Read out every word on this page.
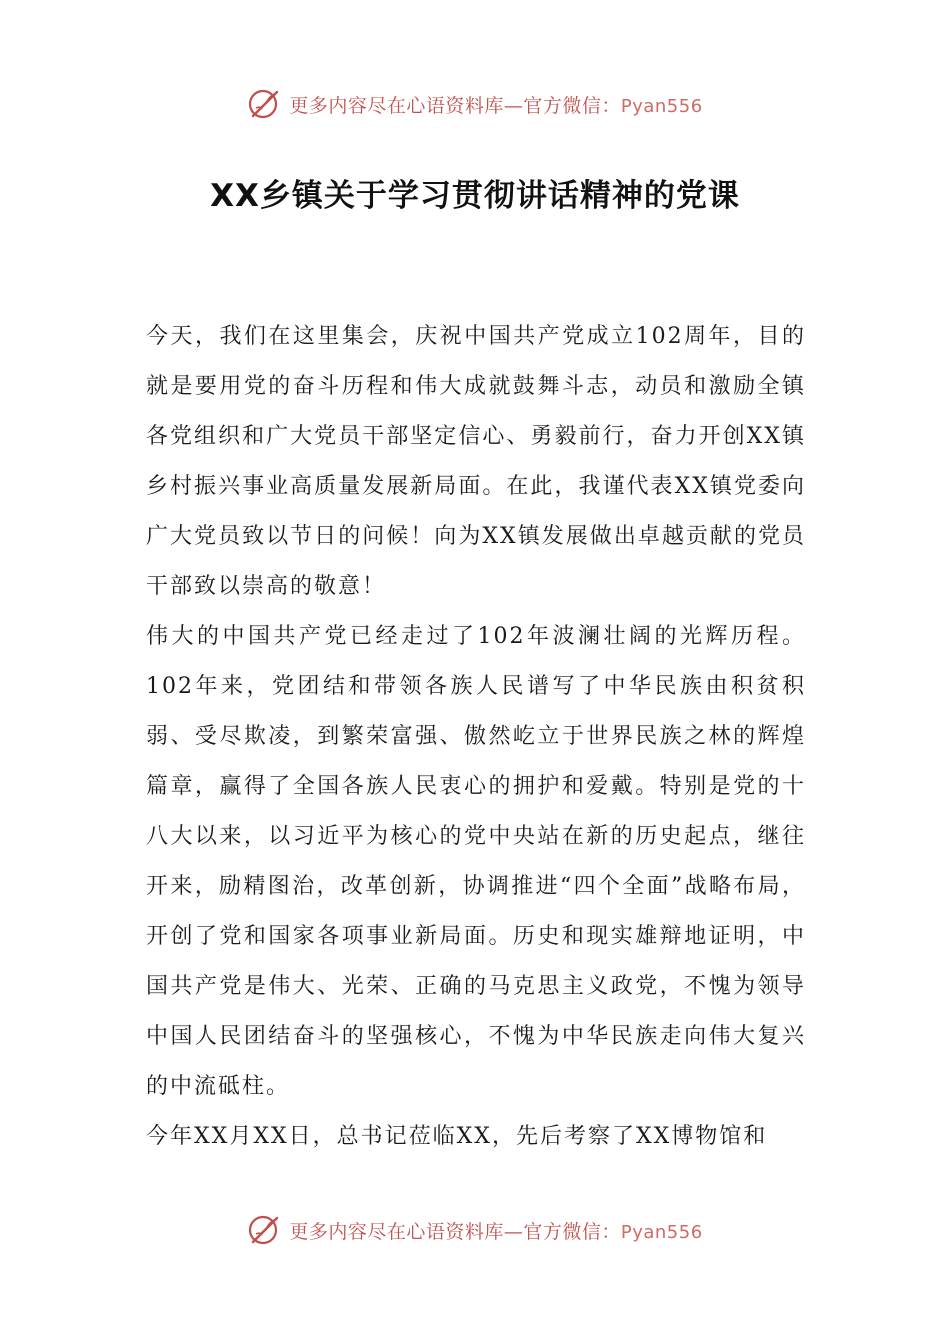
更多内容尽在心语资料库—官方微信：Pyan556
XX乡镇关于学习贯彻讲话精神的党课

今天，我们在这里集会，庆祝中国共产党成立102周年，目的就是要用党的奋斗历程和伟大成就鼓舞斗志，动员和激励全镇各党组织和广大党员干部坚定信心、勇毅前行，奋力开创XX镇乡村振兴事业高质量发展新局面。在此，我谨代表XX镇党委向广大党员致以节日的问候！向为XX镇发展做出卓越贡献的党员干部致以崇高的敬意！

伟大的中国共产党已经走过了102年波澜壮阔的光辉历程。102年来，党团结和带领各族人民谱写了中华民族由积贫积弱、受尽欺凌，到繁荣富强、傲然屹立于世界民族之林的辉煌篇章，赢得了全国各族人民衷心的拥护和爱戴。特别是党的十八大以来，以习近平为核心的党中央站在新的历史起点，继往开来，励精图治，改革创新，协调推进“四个全面”战略布局，开创了党和国家各项事业新局面。历史和现实雄辩地证明，中国共产党是伟大、光荣、正确的马克思主义政党，不愧为领导中国人民团结奋斗的坚强核心，不愧为中华民族走向伟大复兴的中流砥柱。

今年XX月XX日，总书记莅临XX，先后考察了XX博物馆和

更多内容尽在心语资料库—官方微信：Pyan556
